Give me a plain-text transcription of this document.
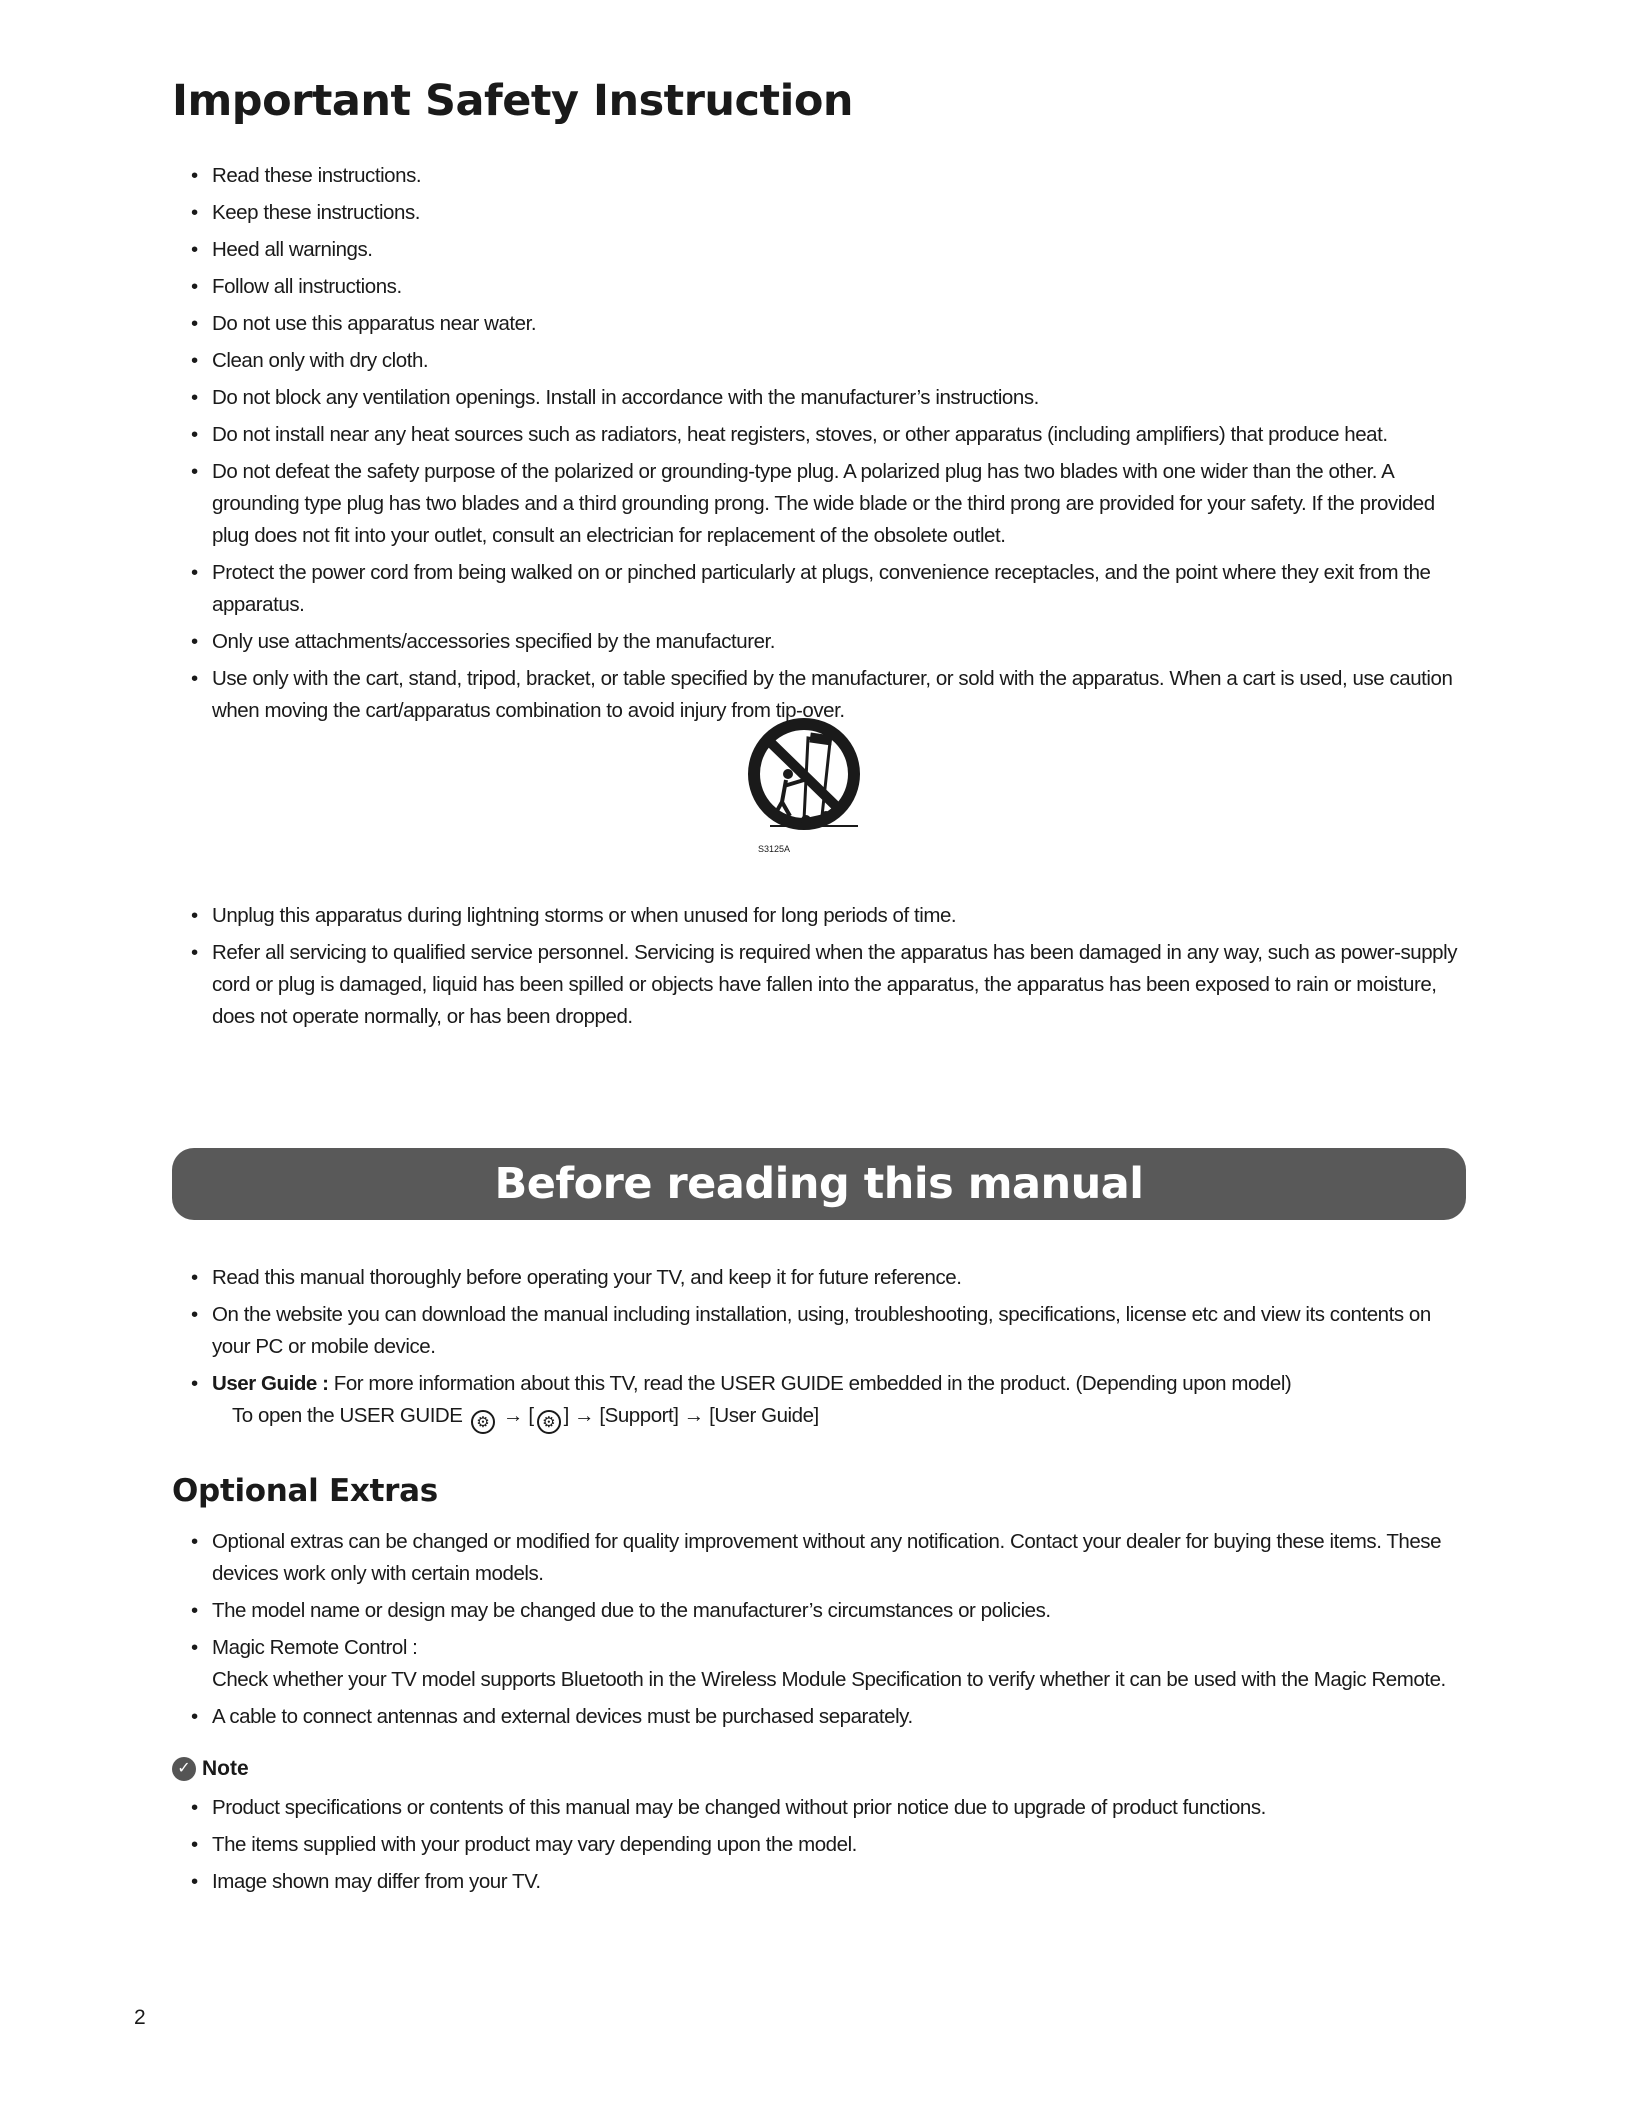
Important Safety Instruction
• Read these instructions.
• Keep these instructions.
• Heed all warnings.
• Follow all instructions.
• Do not use this apparatus near water.
• Clean only with dry cloth.
• Do not block any ventilation openings. Install in accordance with the manufacturer’s instructions.
• Do not install near any heat sources such as radiators, heat registers, stoves, or other apparatus (including amplifiers) that produce heat.
• Do not defeat the safety purpose of the polarized or grounding-type plug. A polarized plug has two blades with one wider than the other. A grounding type plug has two blades and a third grounding prong. The wide blade or the third prong are provided for your safety. If the provided plug does not fit into your outlet, consult an electrician for replacement of the obsolete outlet.
• Protect the power cord from being walked on or pinched particularly at plugs, convenience receptacles, and the point where they exit from the apparatus.
• Only use attachments/accessories specified by the manufacturer.
• Use only with the cart, stand, tripod, bracket, or table specified by the manufacturer, or sold with the apparatus. When a cart is used, use caution when moving the cart/apparatus combination to avoid injury from tip-over.
S3125A
• Unplug this apparatus during lightning storms or when unused for long periods of time.
• Refer all servicing to qualified service personnel. Servicing is required when the apparatus has been damaged in any way, such as power-supply cord or plug is damaged, liquid has been spilled or objects have fallen into the apparatus, the apparatus has been exposed to rain or moisture, does not operate normally, or has been dropped.
Before reading this manual
• Read this manual thoroughly before operating your TV, and keep it for future reference.
• On the website you can download the manual including installation, using, troubleshooting, specifications, license etc and view its contents on your PC or mobile device.
• User Guide : For more information about this TV, read the USER GUIDE embedded in the product. (Depending upon model)
To open the USER GUIDE ⚙ → [ ⚙ ] → [Support] → [User Guide]
Optional Extras
• Optional extras can be changed or modified for quality improvement without any notification. Contact your dealer for buying these items. These devices work only with certain models.
• The model name or design may be changed due to the manufacturer’s circumstances or policies.
• Magic Remote Control :
Check whether your TV model supports Bluetooth in the Wireless Module Specification to verify whether it can be used with the Magic Remote.
• A cable to connect antennas and external devices must be purchased separately.
✓ Note
• Product specifications or contents of this manual may be changed without prior notice due to upgrade of product functions.
• The items supplied with your product may vary depending upon the model.
• Image shown may differ from your TV.
2
